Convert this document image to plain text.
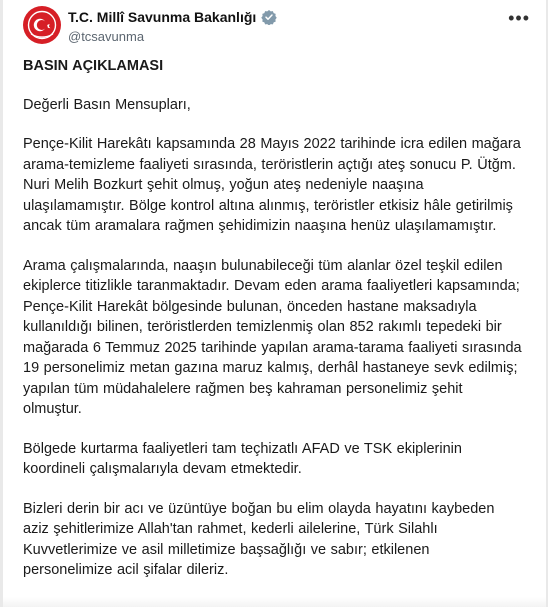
T.C. Millî Savunma Bakanlığı
@tcsavunma
•••

BASIN AÇIKLAMASI

Değerli Basın Mensupları,

Pençe-Kilit Harekâtı kapsamında 28 Mayıs 2022 tarihinde icra edilen mağara arama-temizleme faaliyeti sırasında, teröristlerin açtığı ateş sonucu P. Ütğm. Nuri Melih Bozkurt şehit olmuş, yoğun ateş nedeniyle naaşına ulaşılamamıştır. Bölge kontrol altına alınmış, teröristler etkisiz hâle getirilmiş ancak tüm aramalara rağmen şehidimizin naaşına henüz ulaşılamamıştır.

Arama çalışmalarında, naaşın bulunabileceği tüm alanlar özel teşkil edilen ekiplerce titizlikle taranmaktadır. Devam eden arama faaliyetleri kapsamında; Pençe-Kilit Harekât bölgesinde bulunan, önceden hastane maksadıyla kullanıldığı bilinen, teröristlerden temizlenmiş olan 852 rakımlı tepedeki bir mağarada 6 Temmuz 2025 tarihinde yapılan arama-tarama faaliyeti sırasında 19 personelimiz metan gazına maruz kalmış, derhâl hastaneye sevk edilmiş; yapılan tüm müdahalelere rağmen beş kahraman personelimiz şehit olmuştur.

Bölgede kurtarma faaliyetleri tam teçhizatlı AFAD ve TSK ekiplerinin koordineli çalışmalarıyla devam etmektedir.

Bizleri derin bir acı ve üzüntüye boğan bu elim olayda hayatını kaybeden aziz şehitlerimize Allah'tan rahmet, kederli ailelerine, Türk Silahlı Kuvvetlerimize ve asil milletimize başsağlığı ve sabır; etkilenen personelimize acil şifalar dileriz.
